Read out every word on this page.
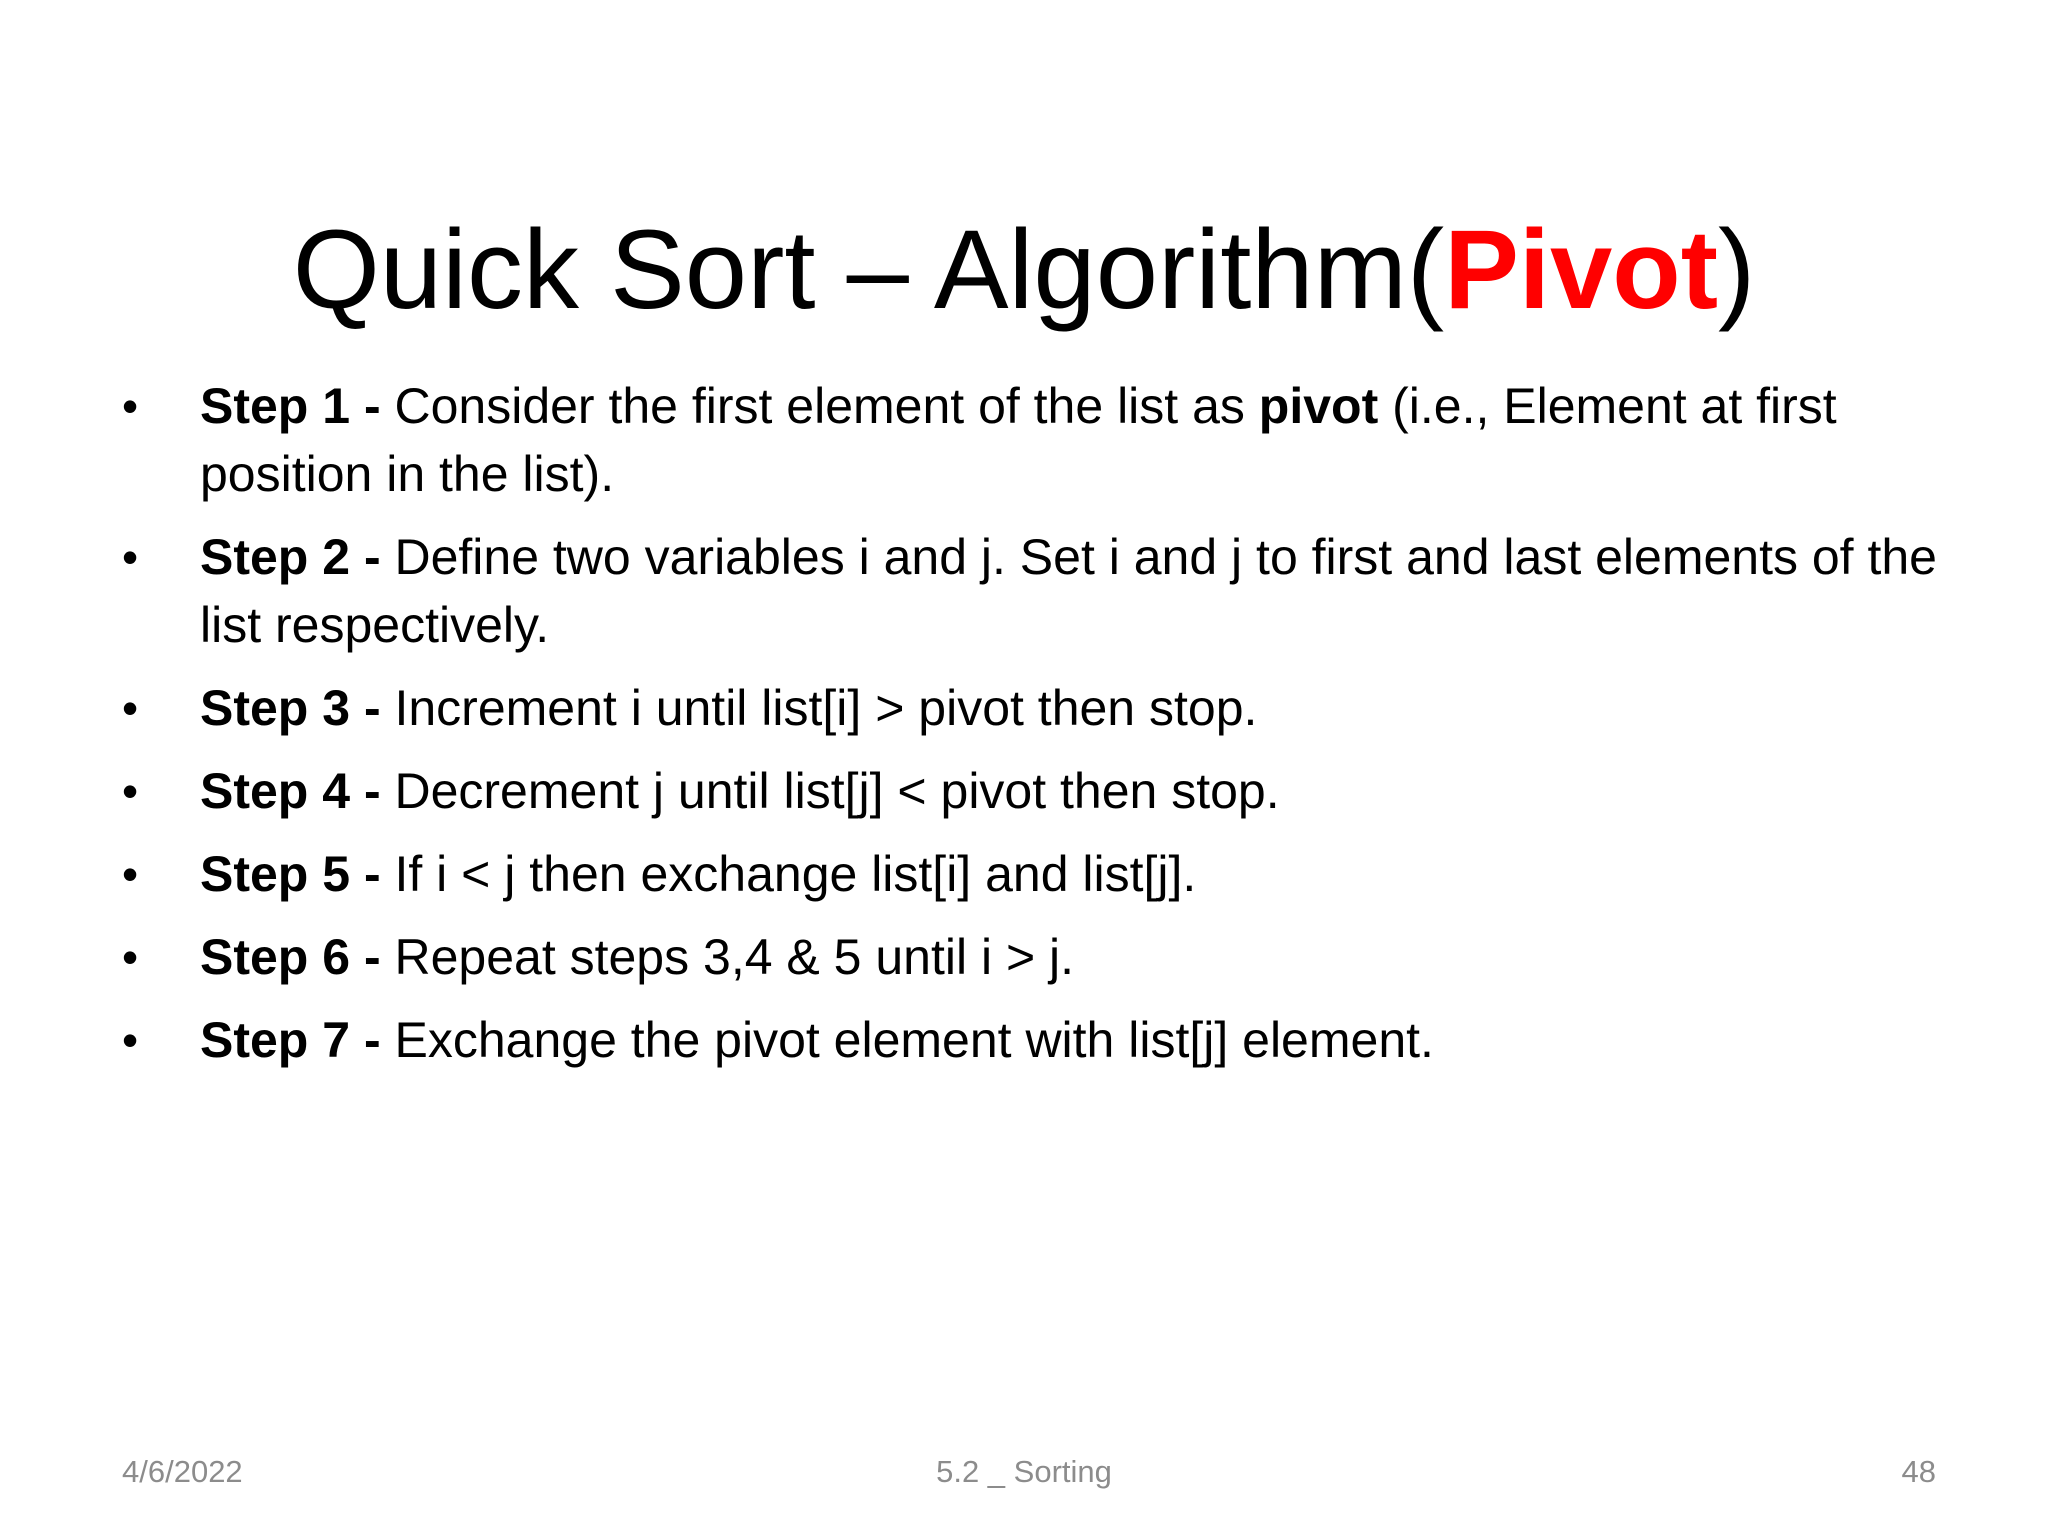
Quick Sort – Algorithm(Pivot)
• Step 1 - Consider the first element of the list as pivot (i.e., Element at first position in the list).
• Step 2 - Define two variables i and j. Set i and j to first and last elements of the list respectively.
• Step 3 - Increment i until list[i] > pivot then stop.
• Step 4 - Decrement j until list[j] < pivot then stop.
• Step 5 - If i < j then exchange list[i] and list[j].
• Step 6 - Repeat steps 3,4 & 5 until i > j.
• Step 7 - Exchange the pivot element with list[j] element.
4/6/2022	5.2 _ Sorting	48
